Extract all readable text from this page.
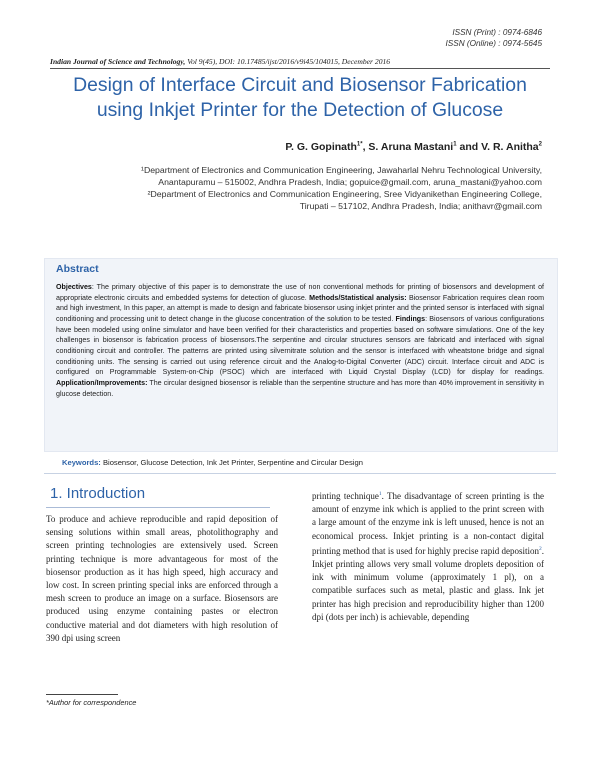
ISSN (Print) : 0974-6846
ISSN (Online) : 0974-5645
Indian Journal of Science and Technology, Vol 9(45), DOI: 10.17485/ijst/2016/v9i45/104015, December 2016
Design of Interface Circuit and Biosensor Fabrication
using Inkjet Printer for the Detection of Glucose
P. G. Gopinath$^{1*}$, S. Aruna Mastani$^1$ and V. R. Anitha$^2$
¹Department of Electronics and Communication Engineering, Jawaharlal Nehru Technological University,
Anantapuramu – 515002, Andhra Pradesh, India; gopuice@gmail.com, aruna_mastani@yahoo.com
²Department of Electronics and Communication Engineering, Sree Vidyanikethan Engineering College,
Tirupati – 517102, Andhra Pradesh, India; anithavr@gmail.com
Abstract
Objectives: The primary objective of this paper is to demonstrate the use of non conventional methods for printing of biosensors and development of appropriate electronic circuits and embedded systems for detection of glucose. Methods/Statistical analysis: Biosensor Fabrication requires clean room and high investment, In this paper, an attempt is made to design and fabricate biosensor using inkjet printer and the printed sensor is interfaced with signal conditioning and processing unit to detect change in the glucose concentration of the solution to be tested. Findings: Biosensors of various configurations have been modeled using online simulator and have been verified for their characteristics and properties based on software simulations. One of the key challenges in biosensor is fabrication process of biosensors.The serpentine and circular structures sensors are fabricatd and interfaced with signal conditioning circuit and controller. The patterns are printed using silvernitrate solution and the sensor is interfaced with wheatstone bridge and signal conditioning units. The sensing is carried out using reference circuit and the Analog-to-Digital Converter (ADC) circuit. Interface circuit and ADC is configured on Programmable System-on-Chip (PSOC) which are interfaced with Liquid Crystal Display (LCD) for display for readings. Application/Improvements: The circular designed biosensor is reliable than the serpentine structure and has more than 40% improvement in sensitivity in glucose detection.
Keywords: Biosensor, Glucose Detection, Ink Jet Printer, Serpentine and Circular Design
1. Introduction
To produce and achieve reproducible and rapid deposition of sensing solutions within small areas, photolithography and screen printing technologies are extensively used. Screen printing technique is more advantageous for most of the biosensor production as it has high speed, high accuracy and low cost. In screen printing special inks are enforced through a mesh screen to produce an image on a surface. Biosensors are produced using enzyme containing pastes or electron conductive material and dot diameters with high resolution of 390 dpi using screen
printing technique$^1$. The disadvantage of screen printing is the amount of enzyme ink which is applied to the print screen with a large amount of the enzyme ink is left unused, hence is not an economical process. Inkjet printing is a non-contact digital printing method that is used for highly precise rapid deposition$^2$. Inkjet printing allows very small volume droplets deposition of ink with minimum volume (approximately 1 pl), on a compatible surfaces such as metal, plastic and glass. Ink jet printer has high precision and reproducibility higher than 1200 dpi (dots per inch) is achievable, depending
*Author for correspondence
